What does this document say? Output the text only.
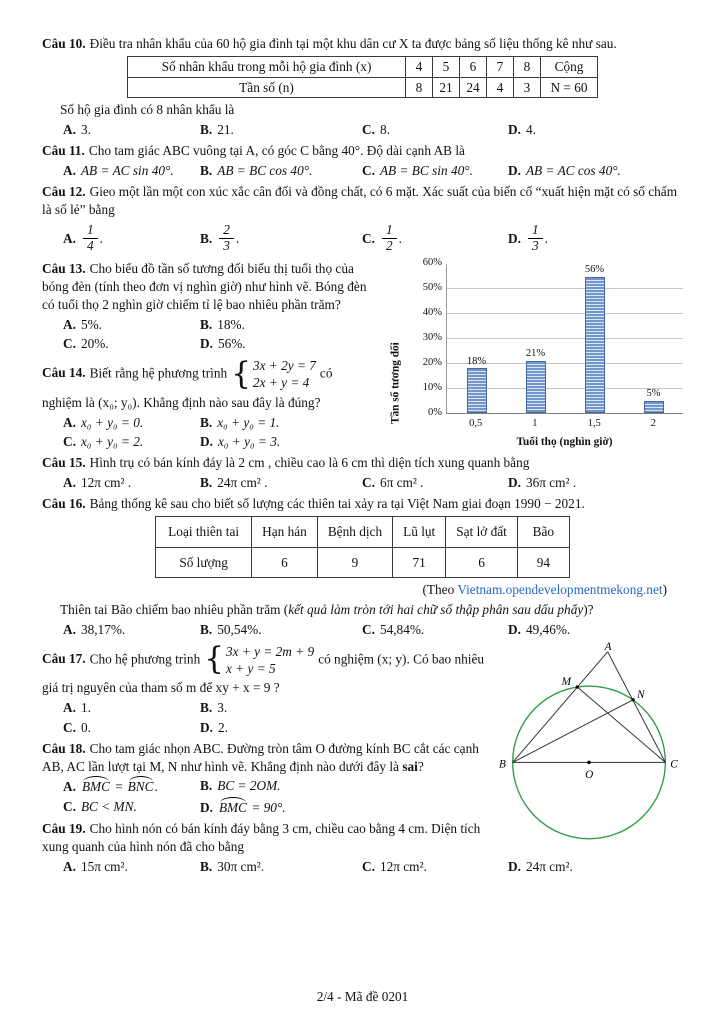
Câu 10. Điều tra nhân khẩu của 60 hộ gia đình tại một khu dân cư X ta được bảng số liệu thống kê như sau.

Số nhân khẩu trong mỗi hộ gia đình (x)	4	5	6	7	8	Cộng
Tần số (n)	8	21	24	4	3	N = 60

Số hộ gia đình có 8 nhân khẩu là

A. 3.	B. 21.	C. 8.	D. 4.

Câu 11. Cho tam giác ABC vuông tại A, có góc C bằng 40°. Độ dài cạnh AB là

A. AB = AC sin 40°.	B. AB = BC cos 40°.	C. AB = BC sin 40°.	D. AB = AC cos 40°.

Câu 12. Gieo một lần một con xúc xắc cân đối và đồng chất, có 6 mặt. Xác suất của biến cố “xuất hiện mặt có số chấm là số lẻ” bằng

A. $\frac{1}{4}$ .	B. $\frac{2}{3}$ .	C. $\frac{1}{2}$ .	D. $\frac{1}{3}$ .
Tần số tương đối	0%
10%
20%
30%
40%
50%
60%
18%
21%
56%
5%
0,5	1	1,5	2
Tuổi thọ (nghìn giờ)

Câu 13. Cho biểu đồ tần số tương đối biểu thị tuổi thọ của bóng đèn (tính theo đơn vị nghìn giờ) như hình vẽ. Bóng đèn có tuổi thọ 2 nghìn giờ chiếm tỉ lệ bao nhiêu phần trăm?

A. 5%.	B. 18%.
C. 20%.	D. 56%.

Câu 14. Biết rằng hệ phương trình { 3x + 2y = 7
2x + y = 4
có

nghiệm là (x₀; y₀). Khẳng định nào sau đây là đúng?

A. x₀ + y₀ = 0.	B. x₀ + y₀ = 1.
C. x₀ + y₀ = 2.	D. x₀ + y₀ = 3.

Câu 15. Hình trụ có bán kính đáy là 2 cm , chiều cao là 6 cm thì diện tích xung quanh bằng

A. 12π cm² .	B. 24π cm² .	C. 6π cm² .	D. 36π cm² .

Câu 16. Bảng thống kê sau cho biết số lượng các thiên tai xảy ra tại Việt Nam giai đoạn 1990 − 2021.

Loại thiên tai	Hạn hán	Bệnh dịch	Lũ lụt	Sạt lở đất	Bão
Số lượng	6	9	71	6	94

(Theo Vietnam.opendevelopmentmekong.net)

Thiên tai Bão chiếm bao nhiêu phần trăm (kết quả làm tròn tới hai chữ số thập phân sau dấu phẩy)?

A. 38,17%.	B. 50,54%.	C. 54,84%.	D. 49,46%.
A
N
M
B
O
C

Câu 17. Cho hệ phương trình { 3x + y = 2m + 9
x + y = 5
có nghiệm (x; y). Có bao nhiêu

giá trị nguyên của tham số m để xy + x = 9 ?

A. 1.	B. 3.
C. 0.	D. 2.

Câu 18. Cho tam giác nhọn ABC. Đường tròn tâm O đường kính BC cắt các cạnh AB, AC lần lượt tại M, N như hình vẽ. Khẳng định nào dưới đây là sai?

A. BMC = BNC.	B. BC = 2OM.
C. BC < MN.	D. BMC = 90°.

Câu 19. Cho hình nón có bán kính đáy bằng 3 cm, chiều cao bằng 4 cm. Diện tích xung quanh của hình nón đã cho bằng

A. 15π cm².	B. 30π cm².	C. 12π cm².	D. 24π cm².
2/4 - Mã đề 0201
